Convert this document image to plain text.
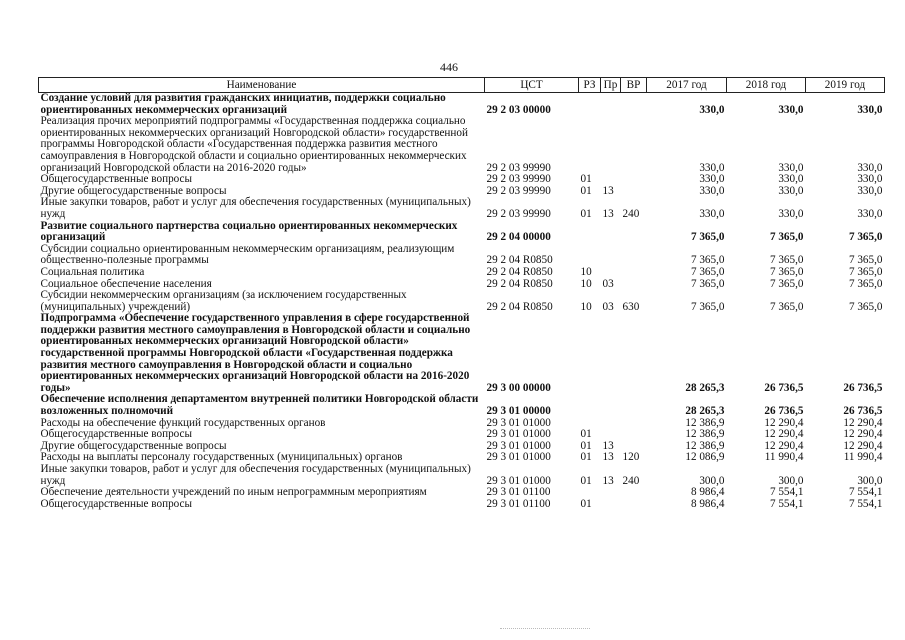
446
Наименование	ЦСТ	РЗ	Пр	ВР	2017 год	2018 год	2019 год
Создание условий для развития гражданских инициатив, поддержки социально ориентированных некоммерческих организаций	29 2 03 00000				330,0	330,0	330,0
Реализация прочих мероприятий подпрограммы «Государственная поддержка социально ориентированных некоммерческих организаций Новгородской области» государственной программы Новгородской области «Государственная поддержка развития местного самоуправления в Новгородской области и социально ориентированных некоммерческих организаций Новгородской области на 2016-2020 годы»	29 2 03 99990				330,0	330,0	330,0
Общегосударственные вопросы	29 2 03 99990	01			330,0	330,0	330,0
Другие общегосударственные вопросы	29 2 03 99990	01	13		330,0	330,0	330,0
Иные закупки товаров, работ и услуг для обеспечения государственных (муниципальных) нужд	29 2 03 99990	01	13	240	330,0	330,0	330,0
Развитие социального партнерства социально ориентированных некоммерческих организаций	29 2 04 00000				7 365,0	7 365,0	7 365,0
Субсидии социально ориентированным некоммерческим организациям, реализующим общественно-полезные программы	29 2 04 R0850				7 365,0	7 365,0	7 365,0
Социальная политика	29 2 04 R0850	10			7 365,0	7 365,0	7 365,0
Социальное обеспечение населения	29 2 04 R0850	10	03		7 365,0	7 365,0	7 365,0
Субсидии некоммерческим организациям (за исключением государственных (муниципальных) учреждений)	29 2 04 R0850	10	03	630	7 365,0	7 365,0	7 365,0
Подпрограмма «Обеспечение государственного управления в сфере государственной поддержки развития местного самоуправления в Новгородской области и социально ориентированных некоммерческих организаций Новгородской области» государственной программы Новгородской области «Государственная поддержка развития местного самоуправления в Новгородской области и социально ориентированных некоммерческих организаций Новгородской области на 2016-2020 годы»	29 3 00 00000				28 265,3	26 736,5	26 736,5
Обеспечение исполнения департаментом внутренней политики Новгородской области возложенных полномочий	29 3 01 00000				28 265,3	26 736,5	26 736,5
Расходы на обеспечение функций государственных органов	29 3 01 01000				12 386,9	12 290,4	12 290,4
Общегосударственные вопросы	29 3 01 01000	01			12 386,9	12 290,4	12 290,4
Другие общегосударственные вопросы	29 3 01 01000	01	13		12 386,9	12 290,4	12 290,4
Расходы на выплаты персоналу государственных (муниципальных) органов	29 3 01 01000	01	13	120	12 086,9	11 990,4	11 990,4
Иные закупки товаров, работ и услуг для обеспечения государственных (муниципальных) нужд	29 3 01 01000	01	13	240	300,0	300,0	300,0
Обеспечение деятельности учреждений по иным непрограммным мероприятиям	29 3 01 01100				8 986,4	7 554,1	7 554,1
Общегосударственные вопросы	29 3 01 01100	01			8 986,4	7 554,1	7 554,1
